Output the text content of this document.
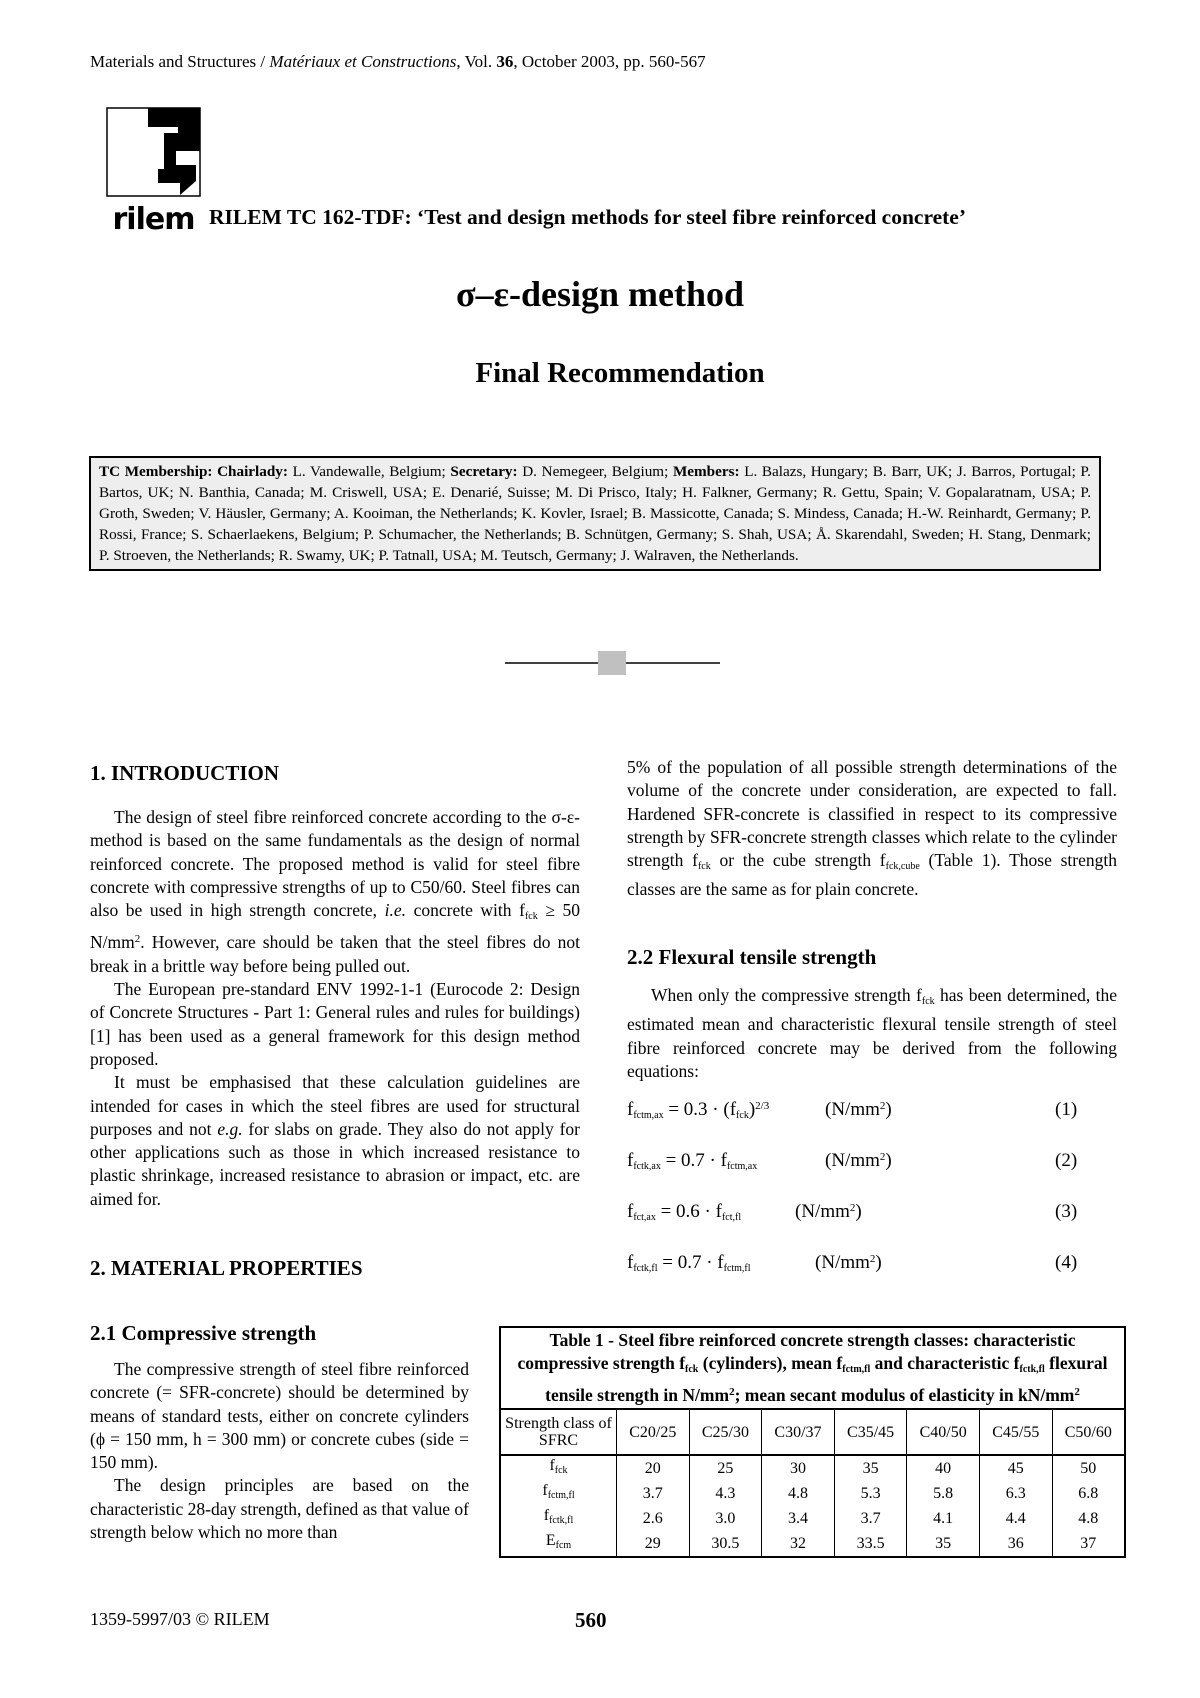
Materials and Structures / Matériaux et Constructions, Vol. 36, October 2003, pp. 560-567
rilem RILEM TC 162-TDF: ‘Test and design methods for steel fibre reinforced concrete’
σ–ε-design method
Final Recommendation
TC Membership: Chairlady: L. Vandewalle, Belgium; Secretary: D. Nemegeer, Belgium; Members: L. Balazs, Hungary; B. Barr, UK; J. Barros, Portugal; P. Bartos, UK; N. Banthia, Canada; M. Criswell, USA; E. Denarié, Suisse; M. Di Prisco, Italy; H. Falkner, Germany; R. Gettu, Spain; V. Gopalaratnam, USA; P. Groth, Sweden; V. Häusler, Germany; A. Kooiman, the Netherlands; K. Kovler, Israel; B. Massicotte, Canada; S. Mindess, Canada; H.-W. Reinhardt, Germany; P. Rossi, France; S. Schaerlaekens, Belgium; P. Schumacher, the Netherlands; B. Schnütgen, Germany; S. Shah, USA; Å. Skarendahl, Sweden; H. Stang, Denmark; P. Stroeven, the Netherlands; R. Swamy, UK; P. Tatnall, USA; M. Teutsch, Germany; J. Walraven, the Netherlands.
1. INTRODUCTION

The design of steel fibre reinforced concrete according to the σ-ε-method is based on the same fundamentals as the design of normal reinforced concrete. The proposed method is valid for steel fibre concrete with compressive strengths of up to C50/60. Steel fibres can also be used in high strength concrete, i.e. concrete with $f_{fck} \ge 50$ $N/mm^2$. However, care should be taken that the steel fibres do not break in a brittle way before being pulled out.

The European pre-standard ENV 1992-1-1 (Eurocode 2: Design of Concrete Structures - Part 1: General rules and rules for buildings) [1] has been used as a general framework for this design method proposed.

It must be emphasised that these calculation guidelines are intended for cases in which the steel fibres are used for structural purposes and not e.g. for slabs on grade. They also do not apply for other applications such as those in which increased resistance to plastic shrinkage, increased resistance to abrasion or impact, etc. are aimed for.

2. MATERIAL PROPERTIES
2.1 Compressive strength

The compressive strength of steel fibre reinforced concrete (= SFR-concrete) should be determined by means of standard tests, either on concrete cylinders (ϕ = 150 mm, h = 300 mm) or concrete cubes (side = 150 mm).

The design principles are based on the characteristic 28-day strength, defined as that value of strength below which no more than

5% of the population of all possible strength determinations of the volume of the concrete under consideration, are expected to fall. Hardened SFR-concrete is classified in respect to its compressive strength by SFR-concrete strength classes which relate to the cylinder strength $f_{fck}$ or the cube strength $f_{fck,cube}$ (Table 1). Those strength classes are the same as for plain concrete.

2.2 Flexural tensile strength

When only the compressive strength $f_{fck}$ has been determined, the estimated mean and characteristic flexural tensile strength of steel fibre reinforced concrete may be derived from the following equations:

$f_{fctm,ax} = 0.3 \cdot (f_{fck})^{2/3}$	$(N/mm^2)$	(1)
$f_{fctk,ax} = 0.7 \cdot f_{fctm,ax}$	$(N/mm^2)$	(2)
$f_{fct,ax} = 0.6 \cdot f_{fct,fl}$	$(N/mm^2)$	(3)
$f_{fctk,fl} = 0.7 \cdot f_{fctm,fl}$	$(N/mm^2)$	(4)
Table 1 - Steel fibre reinforced concrete strength classes: characteristic compressive strength $f_{fck}$ (cylinders), mean $f_{fctm,fl}$ and characteristic $f_{fctk,fl}$ flexural tensile strength in $N/mm^2$; mean secant modulus of elasticity in $kN/mm^2$
Strength class of SFRC	C20/25	C25/30	C30/37	C35/45	C40/50	C45/55	C50/60
$f_{fck}$	20	25	30	35	40	45	50
$f_{fctm,fl}$	3.7	4.3	4.8	5.3	5.8	6.3	6.8
$f_{fctk,fl}$	2.6	3.0	3.4	3.7	4.1	4.4	4.8
$E_{fcm}$	29	30.5	32	33.5	35	36	37
1359-5997/03 © RILEM	560
